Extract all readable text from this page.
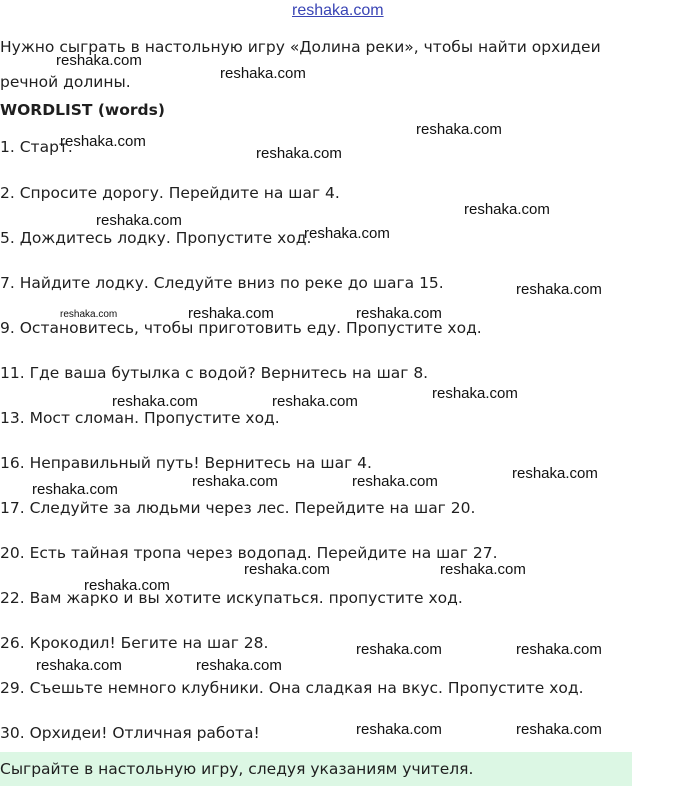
reshaka.com
Нужно сыграть в настольную игру «Долина реки», чтобы найти орхидеи речной долины.
WORDLIST (words)
1. Старт.
2. Спросите дорогу. Перейдите на шаг 4.
5. Дождитесь лодку. Пропустите ход.
7. Найдите лодку. Следуйте вниз по реке до шага 15.
9. Остановитесь, чтобы приготовить еду. Пропустите ход.
11. Где ваша бутылка с водой? Вернитесь на шаг 8.
13. Мост сломан. Пропустите ход.
16. Неправильный путь! Вернитесь на шаг 4.
17. Следуйте за людьми через лес. Перейдите на шаг 20.
20. Есть тайная тропа через водопад. Перейдите на шаг 27.
22. Вам жарко и вы хотите искупаться. пропустите ход.
26. Крокодил! Бегите на шаг 28.
29. Съешьте немного клубники. Она сладкая на вкус. Пропустите ход.
30. Орхидеи! Отличная работа!
Сыграйте в настольную игру, следуя указаниям учителя.
reshaka.com
reshaka.com
reshaka.com
reshaka.com
reshaka.com
reshaka.com
reshaka.com
reshaka.com
reshaka.com
reshaka.com	reshaka.com	reshaka.com
reshaka.com
reshaka.com	reshaka.com
reshaka.com
reshaka.com	reshaka.com
reshaka.com
reshaka.com	reshaka.com
reshaka.com
reshaka.com	reshaka.com
reshaka.com	reshaka.com
reshaka.com	reshaka.com
